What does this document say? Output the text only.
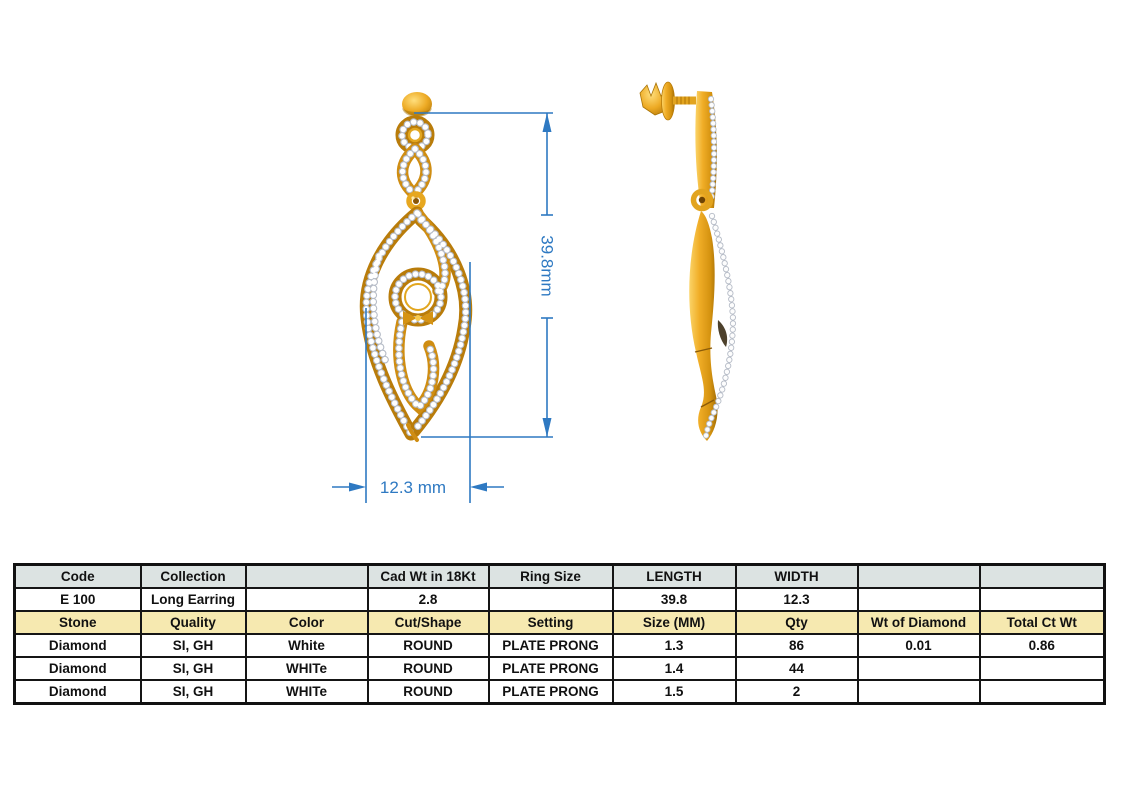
39.8mm
12.3 mm
Code	Collection		Cad Wt in 18Kt	Ring Size	LENGTH	WIDTH		
E 100	Long Earring		2.8		39.8	12.3		
Stone	Quality	Color	Cut/Shape	Setting	Size (MM)	Qty	Wt of Diamond	Total Ct Wt
Diamond	SI, GH	White	ROUND	PLATE PRONG	1.3	86	0.01	0.86
Diamond	SI, GH	WHITe	ROUND	PLATE PRONG	1.4	44		
Diamond	SI, GH	WHITe	ROUND	PLATE PRONG	1.5	2		
